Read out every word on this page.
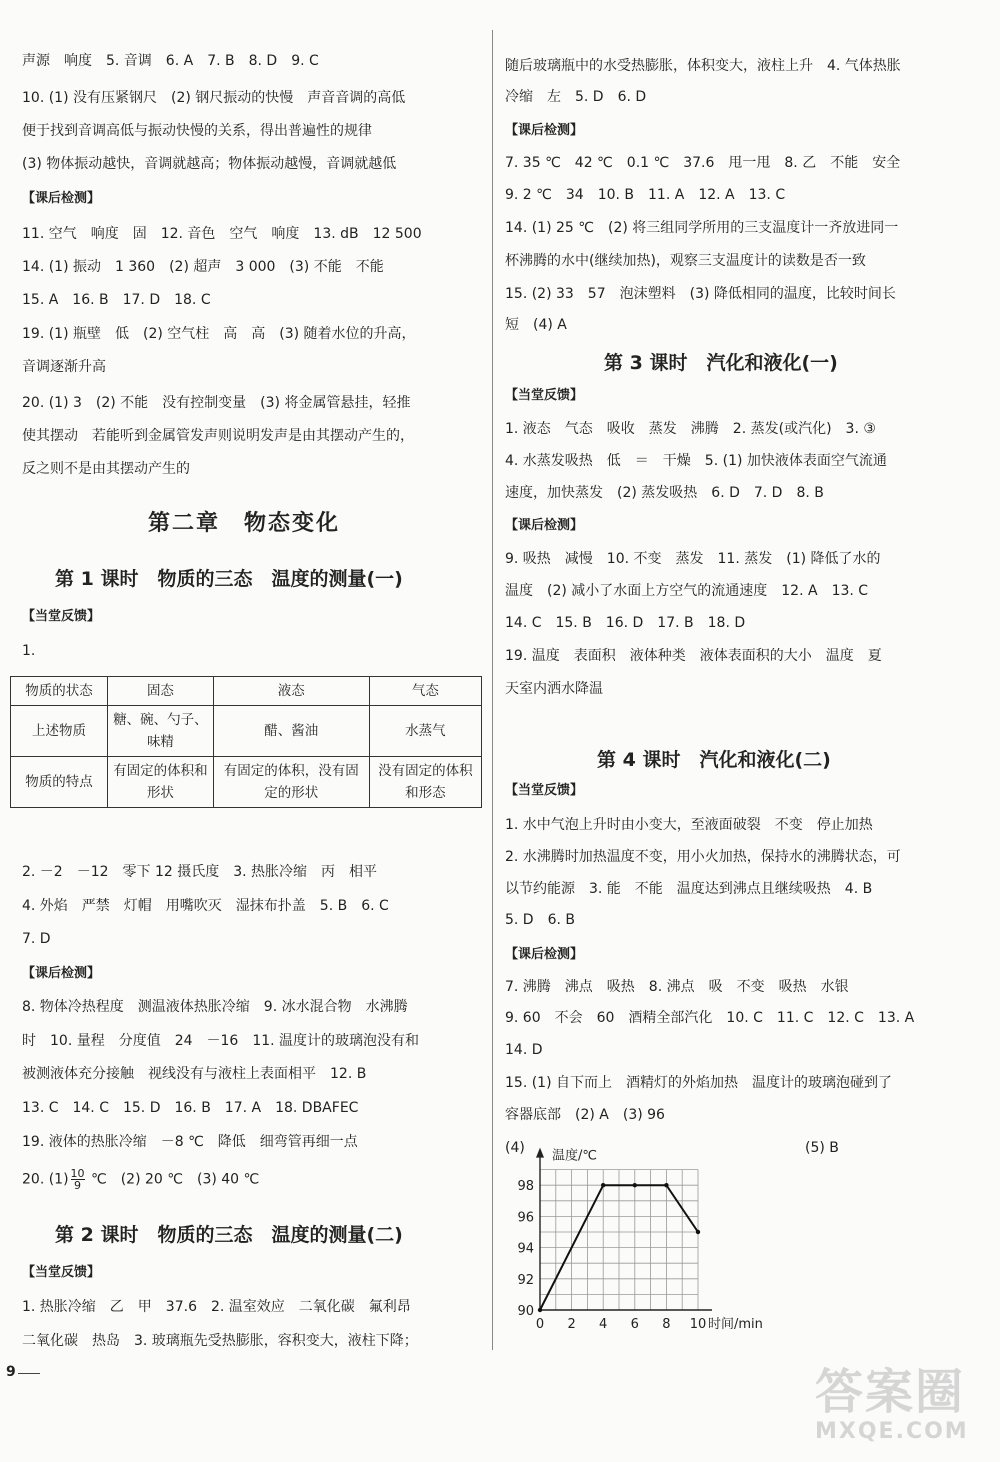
声源　响度　5. 音调　6. A　7. B　8. D　9. C
10. (1) 没有压紧钢尺　(2) 钢尺振动的快慢　声音音调的高低
便于找到音调高低与振动快慢的关系，得出普遍性的规律
(3) 物体振动越快，音调就越高；物体振动越慢，音调就越低
【课后检测】
11. 空气　响度　固　12. 音色　空气　响度　13. dB　12 500
14. (1) 振动　1 360　(2) 超声　3 000　(3) 不能　不能
15. A　16. B　17. D　18. C
19. (1) 瓶壁　低　(2) 空气柱　高　高　(3) 随着水位的升高，
音调逐渐升高
20. (1) 3　(2) 不能　没有控制变量　(3) 将金属管悬挂，轻推
使其摆动　若能听到金属管发声则说明发声是由其摆动产生的，
反之则不是由其摆动产生的
第二章　物态变化
第 1 课时　物质的三态　温度的测量(一)
【当堂反馈】
1.
物质的状态	固态	液态	气态
上述物质	糖、碗、勺子、味精	醋、酱油	水蒸气
物质的特点	有固定的体积和形状	有固定的体积，没有固定的形状	没有固定的体积和形态
2. －2　－12　零下 12 摄氏度　3. 热胀冷缩　丙　相平
4. 外焰　严禁　灯帽　用嘴吹灭　湿抹布扑盖　5. B　6. C
7. D
【课后检测】
8. 物体冷热程度　测温液体热胀冷缩　9. 冰水混合物　水沸腾
时　10. 量程　分度值　24　－16　11. 温度计的玻璃泡没有和
被测液体充分接触　视线没有与液柱上表面相平　12. B
13. C　14. C　15. D　16. B　17. A　18. DBAFEC
19. 液体的热胀冷缩　－8 ℃　降低　细弯管再细一点
20. $(1) \frac{10}{9}$ ℃　(2) 20 ℃　(3) 40 ℃
第 2 课时　物质的三态　温度的测量(二)
【当堂反馈】
1. 热胀冷缩　乙　甲　37.6　2. 温室效应　二氧化碳　氟利昂
二氧化碳　热岛　3. 玻璃瓶先受热膨胀，容积变大，液柱下降；
9
随后玻璃瓶中的水受热膨胀，体积变大，液柱上升　4. 气体热胀
冷缩　左　5. D　6. D
【课后检测】
7. 35 ℃　42 ℃　0.1 ℃　37.6　甩一甩　8. 乙　不能　安全
9. 2 ℃　34　10. B　11. A　12. A　13. C
14. (1) 25 ℃　(2) 将三组同学所用的三支温度计一齐放进同一
杯沸腾的水中(继续加热)，观察三支温度计的读数是否一致
15. (2) 33　57　泡沫塑料　(3) 降低相同的温度，比较时间长
短　(4) A
第 3 课时　汽化和液化(一)
【当堂反馈】
1. 液态　气态　吸收　蒸发　沸腾　2. 蒸发(或汽化)　3. ③
4. 水蒸发吸热　低　＝　干燥　5. (1) 加快液体表面空气流通
速度，加快蒸发　(2) 蒸发吸热　6. D　7. D　8. B
【课后检测】
9. 吸热　减慢　10. 不变　蒸发　11. 蒸发　(1) 降低了水的
温度　(2) 减小了水面上方空气的流通速度　12. A　13. C
14. C　15. B　16. D　17. B　18. D
19. 温度　表面积　液体种类　液体表面积的大小　温度　夏
天室内洒水降温
第 4 课时　汽化和液化(二)
【当堂反馈】
1. 水中气泡上升时由小变大，至液面破裂　不变　停止加热
2. 水沸腾时加热温度不变，用小火加热，保持水的沸腾状态，可
以节约能源　3. 能　不能　温度达到沸点且继续吸热　4. B
5. D　6. B
【课后检测】
7. 沸腾　沸点　吸热　8. 沸点　吸　不变　吸热　水银
9. 60　不会　60　酒精全部汽化　10. C　11. C　12. C　13. A
14. D
15. (1) 自下而上　酒精灯的外焰加热　温度计的玻璃泡碰到了
容器底部　(2) A　(3) 96
(4)	(5) B
温度/℃
时间/min
0 2 4 6 8 10
90
92
94
96
98
答案圈
MXQE.COM
